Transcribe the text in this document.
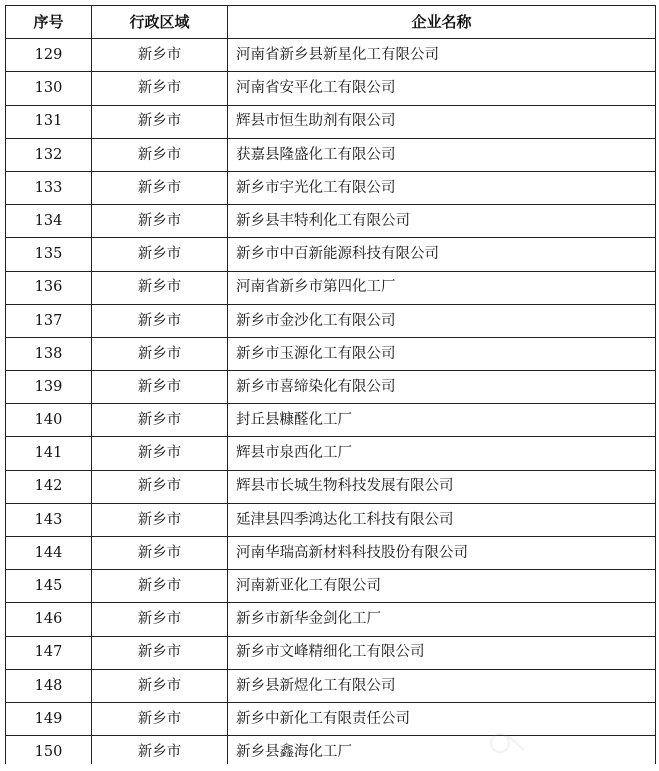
序号	行政区域	企业名称
129	新乡市	河南省新乡县新星化工有限公司
130	新乡市	河南省安平化工有限公司
131	新乡市	辉县市恒生助剂有限公司
132	新乡市	获嘉县隆盛化工有限公司
133	新乡市	新乡市宇光化工有限公司
134	新乡市	新乡县丰特利化工有限公司
135	新乡市	新乡市中百新能源科技有限公司
136	新乡市	河南省新乡市第四化工厂
137	新乡市	新乡市金沙化工有限公司
138	新乡市	新乡市玉源化工有限公司
139	新乡市	新乡市喜缔染化有限公司
140	新乡市	封丘县糠醛化工厂
141	新乡市	辉县市泉西化工厂
142	新乡市	辉县市长城生物科技发展有限公司
143	新乡市	延津县四季鸿达化工科技有限公司
144	新乡市	河南华瑞高新材料科技股份有限公司
145	新乡市	河南新亚化工有限公司
146	新乡市	新乡市新华金剑化工厂
147	新乡市	新乡市文峰精细化工有限公司
148	新乡市	新乡县新煜化工有限公司
149	新乡市	新乡中新化工有限责任公司
150	新乡市	新乡县鑫海化工厂
